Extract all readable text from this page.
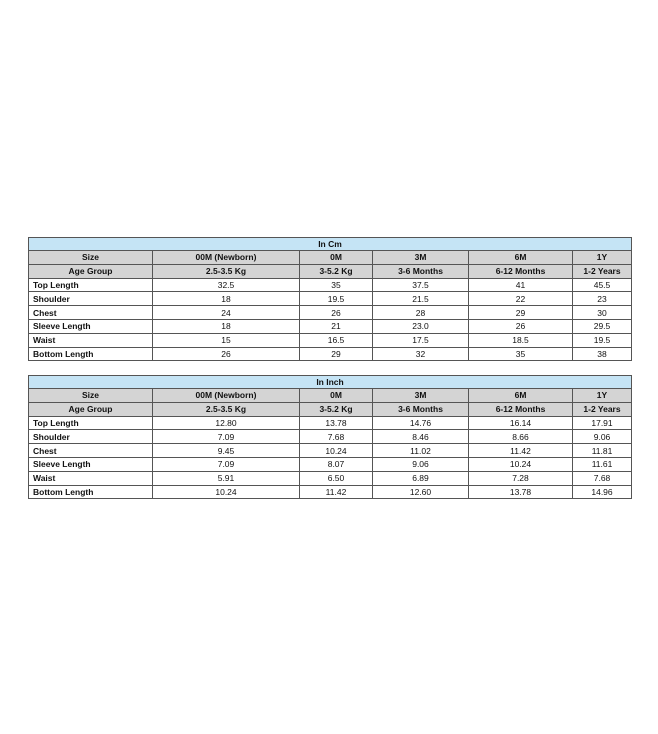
In Cm					
Size	00M (Newborn)	0M	3M	6M	1Y
Age Group	2.5-3.5 Kg	3-5.2 Kg	3-6 Months	6-12 Months	1-2 Years
Top Length	32.5	35	37.5	41	45.5
Shoulder	18	19.5	21.5	22	23
Chest	24	26	28	29	30
Sleeve Length	18	21	23.0	26	29.5
Waist	15	16.5	17.5	18.5	19.5
Bottom Length	26	29	32	35	38
In Inch					
Size	00M (Newborn)	0M	3M	6M	1Y
Age Group	2.5-3.5 Kg	3-5.2 Kg	3-6 Months	6-12 Months	1-2 Years
Top Length	12.80	13.78	14.76	16.14	17.91
Shoulder	7.09	7.68	8.46	8.66	9.06
Chest	9.45	10.24	11.02	11.42	11.81
Sleeve Length	7.09	8.07	9.06	10.24	11.61
Waist	5.91	6.50	6.89	7.28	7.68
Bottom Length	10.24	11.42	12.60	13.78	14.96
